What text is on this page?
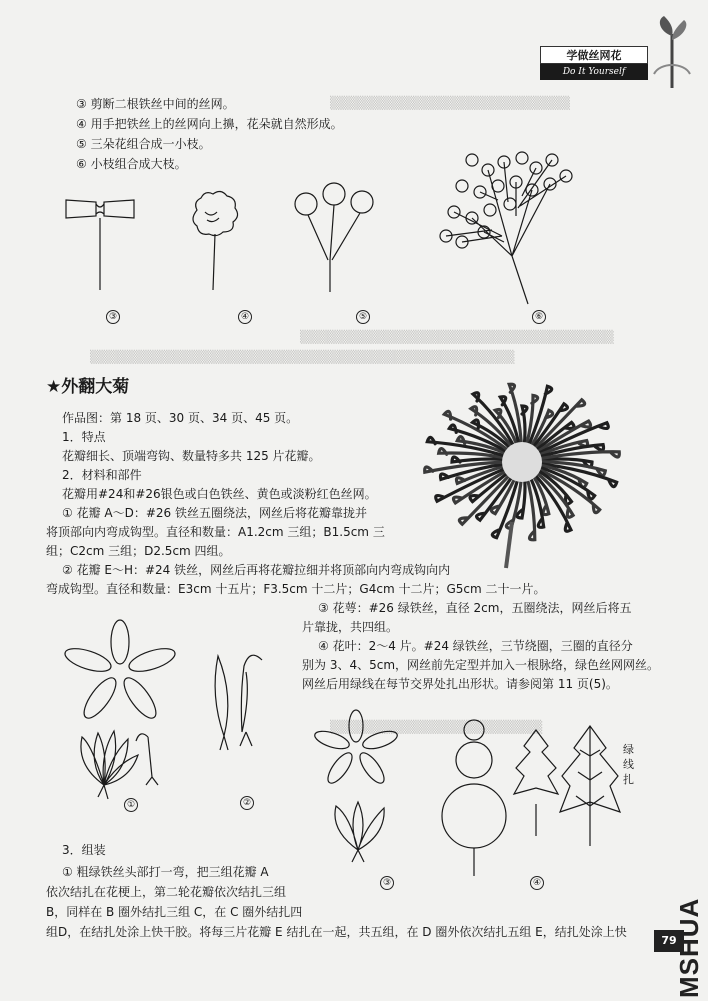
▒▒▒▒▒▒▒▒▒▒▒▒▒▒▒▒▒▒▒▒▒▒▒▒▒▒
▒▒▒▒▒▒▒▒▒▒▒▒▒▒▒▒▒▒▒▒▒▒▒▒▒▒▒▒▒▒▒▒▒▒
▒▒▒▒▒▒▒▒▒▒▒▒▒▒▒▒▒▒▒▒▒▒▒▒▒▒▒▒▒▒▒▒▒▒▒▒▒▒▒▒▒▒▒▒▒▒
▒▒▒▒▒▒▒▒▒▒▒▒▒▒▒▒▒▒▒▒▒▒▒
学做丝网花
Do It Yourself
③ 剪断二根铁丝中间的丝网。
④ 用手把铁丝上的丝网向上擤，花朵就自然形成。
⑤ 三朵花组合成一小枝。
⑥ 小枝组合成大枝。
③	④	⑤	⑥
★外翻大菊
作品图：第 18 页、30 页、34 页、45 页。
1．特点
花瓣细长、顶端弯钩、数量特多共 125 片花瓣。
2．材料和部件
花瓣用#24和#26银色或白色铁丝、黄色或淡粉红色丝网。
① 花瓣 A～D：#26 铁丝五圈绕法，网丝后将花瓣靠拢并
将顶部向内弯成钩型。直径和数量：A1.2cm 三组；B1.5cm 三
组；C2cm 三组；D2.5cm 四组。
② 花瓣 E～H：#24 铁丝，网丝后再将花瓣拉细并将顶部向内弯成钩向内
弯成钩型。直径和数量：E3cm 十五片；F3.5cm 十二片；G4cm 十二片；G5cm 二十一片。
③ 花萼：#26 绿铁丝，直径 2cm，五圈绕法，网丝后将五
片靠拢，共四组。
④ 花叶：2～4 片。#24 绿铁丝，三节绕圈，三圈的直径分
别为 3、4、5cm，网丝前先定型并加入一根脉络，绿色丝网网丝。
网丝后用绿线在每节交界处扎出形状。请参阅第 11 页(5)。
①	②
③	④
绿
线
扎
3．组装
① 粗绿铁丝头部打一弯，把三组花瓣 A
依次结扎在花梗上，第二轮花瓣依次结扎三组
B，同样在 B 圈外结扎三组 C，在 C 圈外结扎四
组D，在结扎处涂上快干胶。将每三片花瓣 E 结扎在一起，共五组，在 D 圈外依次结扎五组 E，结扎处涂上快
79
MSHUA
